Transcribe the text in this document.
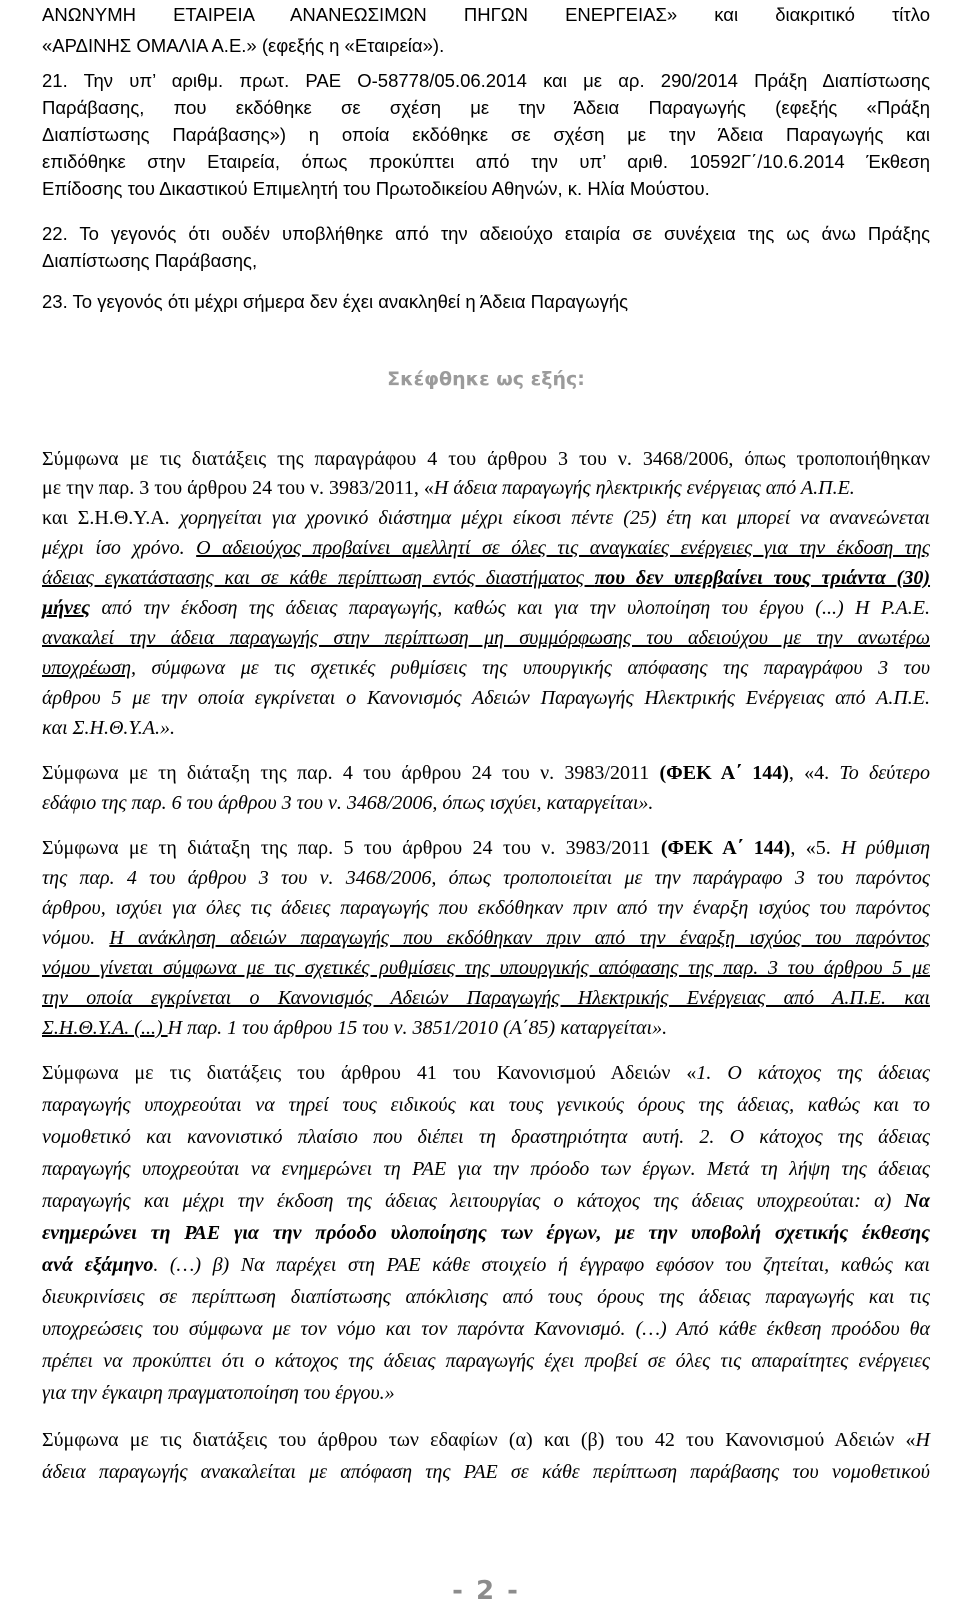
ΑΝΩΝΥΜΗ ΕΤΑΙΡΕΙΑ ΑΝΑΝΕΩΣΙΜΩΝ ΠΗΓΩΝ ΕΝΕΡΓΕΙΑΣ» και διακριτικό τίτλο
«ΑΡΔΙΝΗΣ ΟΜΑΛΙΑ Α.Ε.» (εφεξής η «Εταιρεία»).
21. Την υπ’ αριθμ. πρωτ. ΡΑΕ Ο-58778/05.06.2014 και με αρ. 290/2014 Πράξη Διαπίστωσης
Παράβασης, που εκδόθηκε σε σχέση με την Άδεια Παραγωγής (εφεξής «Πράξη
Διαπίστωσης Παράβασης») η οποία εκδόθηκε σε σχέση με την Άδεια Παραγωγής και
επιδόθηκε στην Εταιρεία, όπως προκύπτει από την υπ’ αριθ. 10592Γ΄/10.6.2014 Έκθεση
Επίδοσης του Δικαστικού Επιμελητή του Πρωτοδικείου Αθηνών, κ. Ηλία Μούστου.
22. Το γεγονός ότι ουδέν υποβλήθηκε από την αδειούχο εταιρία σε συνέχεια της ως άνω Πράξης
Διαπίστωσης Παράβασης,
23. Το γεγονός ότι μέχρι σήμερα δεν έχει ανακληθεί η Άδεια Παραγωγής
Σκέφθηκε ως εξής:
Σύμφωνα με τις διατάξεις της παραγράφου 4 του άρθρου 3 του ν. 3468/2006, όπως τροποποιήθηκαν
με την παρ. 3 του άρθρου 24 του ν. 3983/2011, «Η άδεια παραγωγής ηλεκτρικής ενέργειας από Α.Π.Ε.
και Σ.Η.Θ.Υ.Α. χορηγείται για χρονικό διάστημα μέχρι είκοσι πέντε (25) έτη και μπορεί να ανανεώνεται
μέχρι ίσο χρόνο. Ο αδειούχος προβαίνει αμελλητί σε όλες τις αναγκαίες ενέργειες για την έκδοση της
άδειας εγκατάστασης και σε κάθε περίπτωση εντός διαστήματος που δεν υπερβαίνει τους τριάντα (30)
μήνες από την έκδοση της άδειας παραγωγής, καθώς και για την υλοποίηση του έργου (...) Η Ρ.Α.Ε.
ανακαλεί την άδεια παραγωγής στην περίπτωση μη συμμόρφωσης του αδειούχου με την ανωτέρω
υποχρέωση, σύμφωνα με τις σχετικές ρυθμίσεις της υπουργικής απόφασης της παραγράφου 3 του
άρθρου 5 με την οποία εγκρίνεται ο Κανονισμός Αδειών Παραγωγής Ηλεκτρικής Ενέργειας από Α.Π.Ε.
και Σ.Η.Θ.Υ.Α.».
Σύμφωνα με τη διάταξη της παρ. 4 του άρθρου 24 του ν. 3983/2011 (ΦΕΚ Α΄ 144), «4. Το δεύτερο
εδάφιο της παρ. 6 του άρθρου 3 του ν. 3468/2006, όπως ισχύει, καταργείται».
Σύμφωνα με τη διάταξη της παρ. 5 του άρθρου 24 του ν. 3983/2011 (ΦΕΚ Α΄ 144), «5. Η ρύθμιση
της παρ. 4 του άρθρου 3 του ν. 3468/2006, όπως τροποποιείται με την παράγραφο 3 του παρόντος
άρθρου, ισχύει για όλες τις άδειες παραγωγής που εκδόθηκαν πριν από την έναρξη ισχύος του παρόντος
νόμου. Η ανάκληση αδειών παραγωγής που εκδόθηκαν πριν από την έναρξη ισχύος του παρόντος
νόμου γίνεται σύμφωνα με τις σχετικές ρυθμίσεις της υπουργικής απόφασης της παρ. 3 του άρθρου 5 με
την οποία εγκρίνεται ο Κανονισμός Αδειών Παραγωγής Ηλεκτρικής Ενέργειας από Α.Π.Ε. και
Σ.Η.Θ.Υ.Α. (...) Η παρ. 1 του άρθρου 15 του ν. 3851/2010 (Α΄85) καταργείται».
Σύμφωνα με τις διατάξεις του άρθρου 41 του Κανονισμού Αδειών «1. Ο κάτοχος της άδειας
παραγωγής υποχρεούται να τηρεί τους ειδικούς και τους γενικούς όρους της άδειας, καθώς και το
νομοθετικό και κανονιστικό πλαίσιο που διέπει τη δραστηριότητα αυτή. 2. Ο κάτοχος της άδειας
παραγωγής υποχρεούται να ενημερώνει τη ΡΑΕ για την πρόοδο των έργων. Μετά τη λήψη της άδειας
παραγωγής και μέχρι την έκδοση της άδειας λειτουργίας ο κάτοχος της άδειας υποχρεούται: α) Να
ενημερώνει τη ΡΑΕ για την πρόοδο υλοποίησης των έργων, με την υποβολή σχετικής έκθεσης
ανά εξάμηνο. (…) β) Να παρέχει στη ΡΑΕ κάθε στοιχείο ή έγγραφο εφόσον του ζητείται, καθώς και
διευκρινίσεις σε περίπτωση διαπίστωσης απόκλισης από τους όρους της άδειας παραγωγής και τις
υποχρεώσεις του σύμφωνα με τον νόμο και τον παρόντα Κανονισμό. (…) Από κάθε έκθεση προόδου θα
πρέπει να προκύπτει ότι ο κάτοχος της άδειας παραγωγής έχει προβεί σε όλες τις απαραίτητες ενέργειες
για την έγκαιρη πραγματοποίηση του έργου.»
Σύμφωνα με τις διατάξεις του άρθρου των εδαφίων (α) και (β) του 42 του Κανονισμού Αδειών «Η
άδεια παραγωγής ανακαλείται με απόφαση της ΡΑΕ σε κάθε περίπτωση παράβασης του νομοθετικού
- 2 -
